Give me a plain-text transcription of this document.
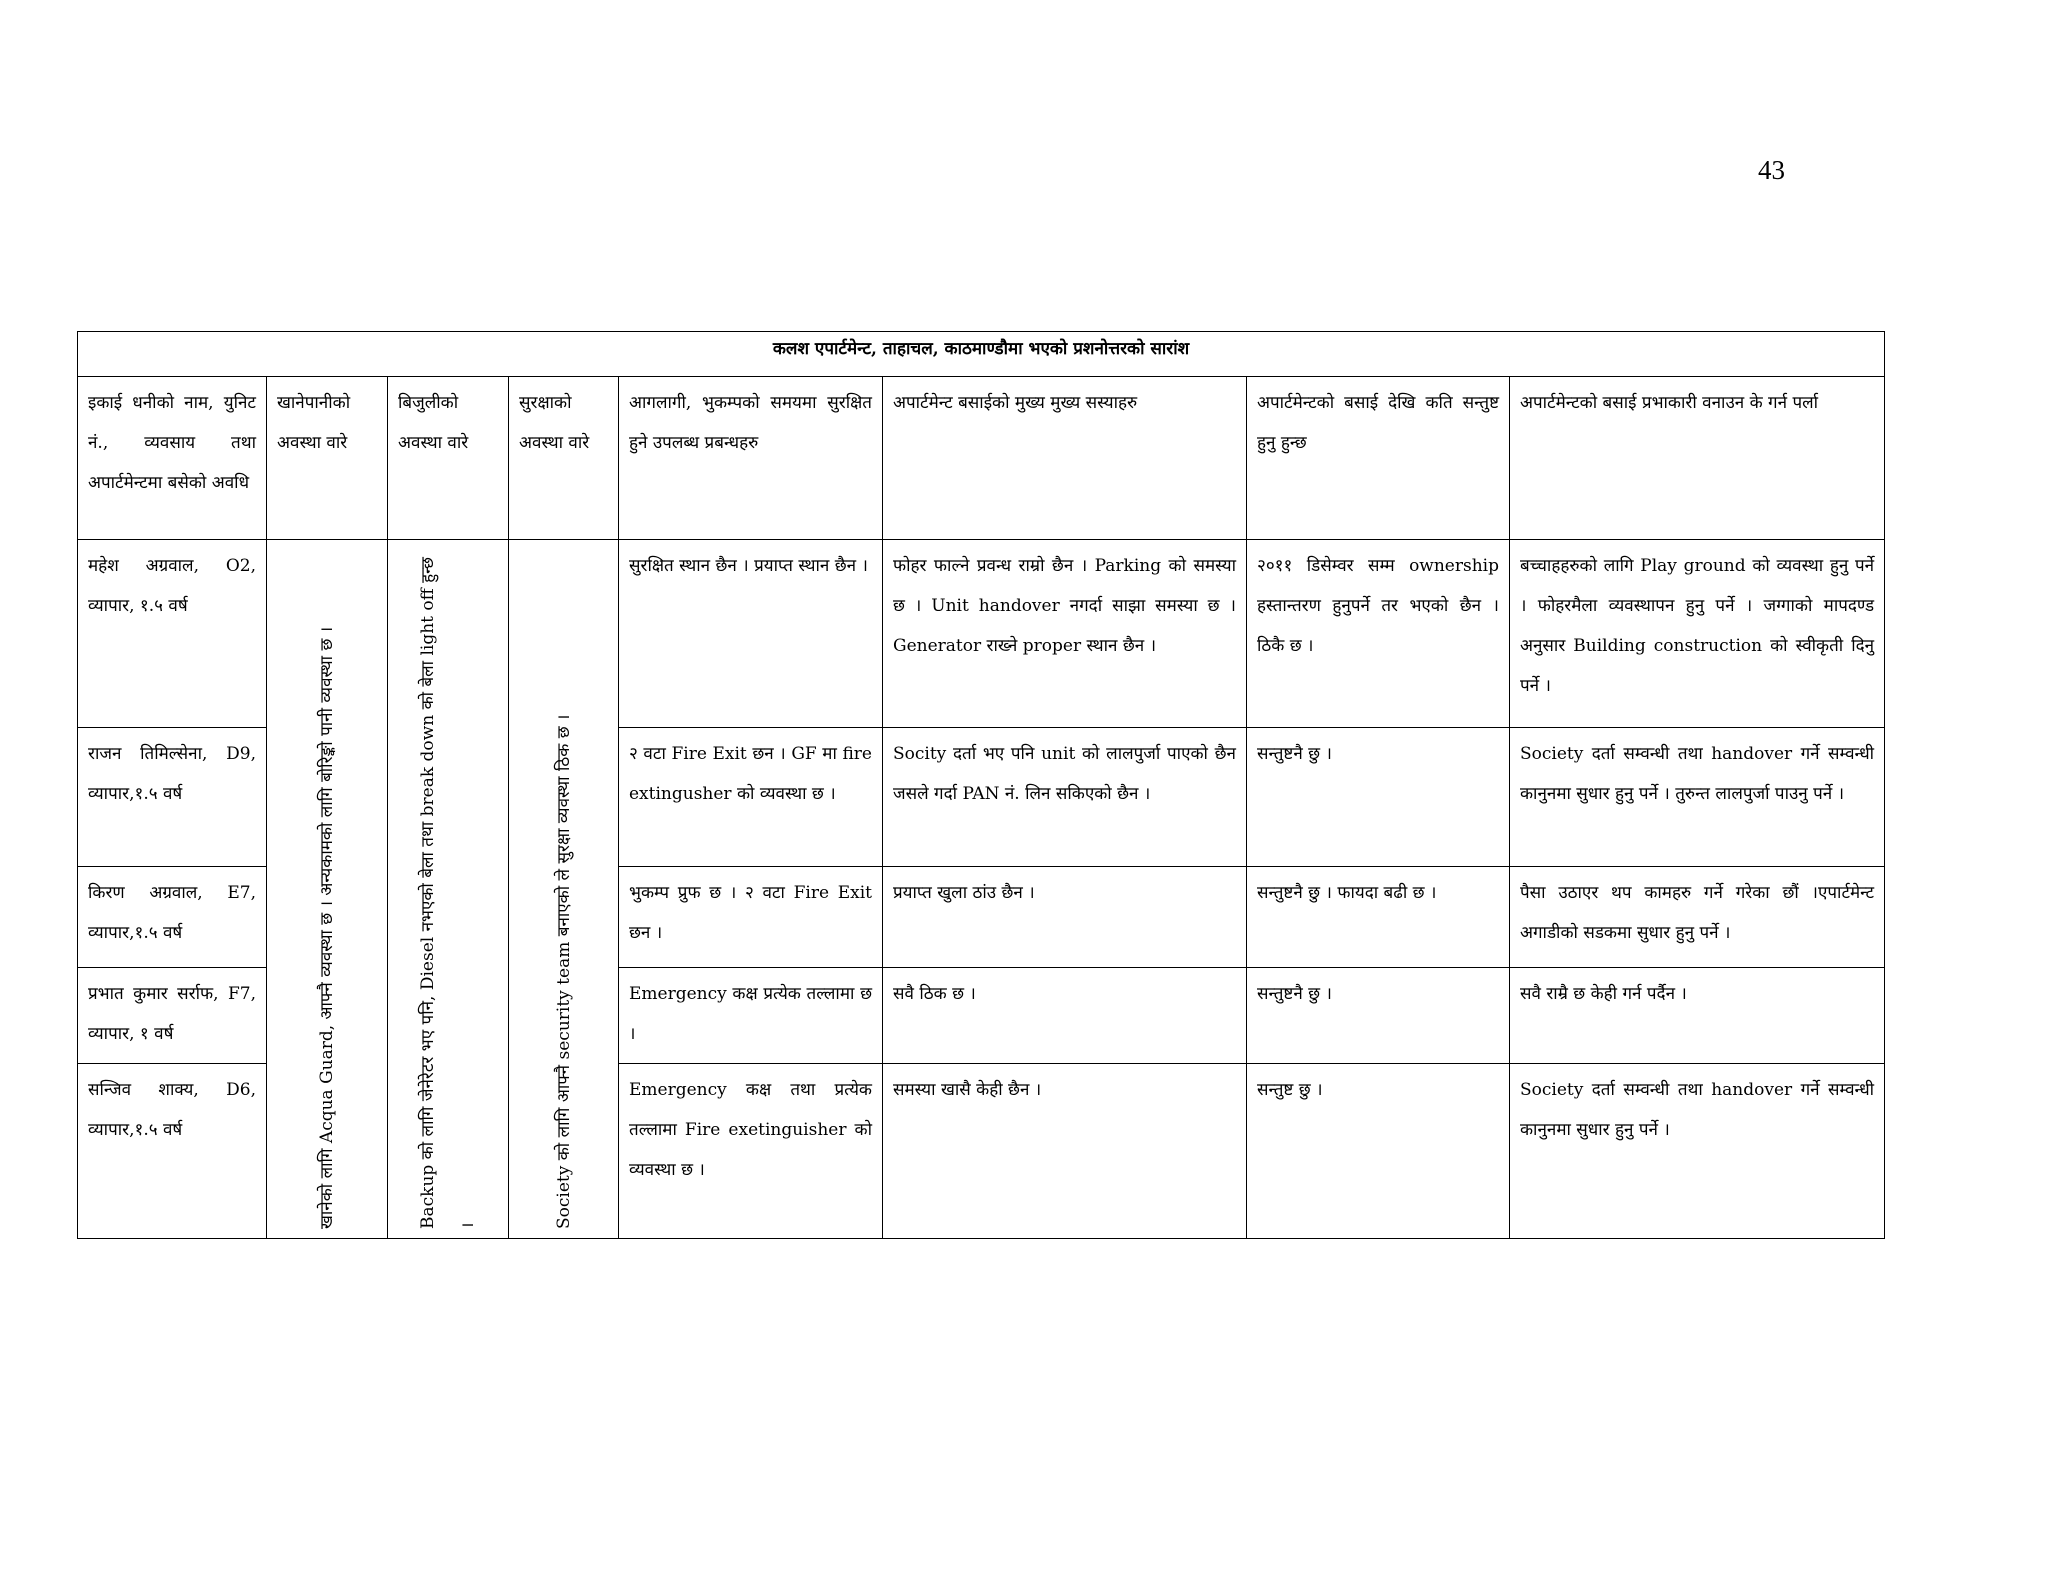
43
कलश एपार्टमेन्ट, ताहाचल, काठमाण्डौमा भएको प्रशनोत्तरको सारांश							
इकाई धनीको नाम, युनिट नं., व्यवसाय तथा अपार्टमेन्टमा बसेको अवधि	खानेपानीको अवस्था वारे	बिजुलीको अवस्था वारे	सुरक्षाको अवस्था वारे	आगलागी, भुकम्पको समयमा सुरक्षित हुने उपलब्ध प्रबन्धहरु	अपार्टमेन्ट बसाईको मुख्य मुख्य सस्याहरु	अपार्टमेन्टको बसाई देखि कति सन्तुष्ट हुनु हुन्छ	अपार्टमेन्टको बसाई प्रभाकारी वनाउन के गर्न पर्ला
महेश अग्रवाल, O2, व्यापार, १.५ वर्ष	खानेको लागि Acqua Guard, आफ्नै व्यवस्था छ । अन्यकामको लागि बोरिङ्को पानी व्यवस्था छ ।	Backup को लागि जेनेरेटर भए पनि, Diesel नभएको बेला तथा break down को बेला light off हुन्छ ।	Society को लागि आफ्नै security team बनाएको ले सुरक्षा व्यवस्था ठिक छ ।	सुरक्षित स्थान छैन । प्रयाप्त स्थान छैन ।	फोहर फाल्ने प्रवन्ध राम्रो छैन । Parking को समस्या छ । Unit handover नगर्दा साझा समस्या छ । Generator राख्ने proper स्थान छैन ।	२०११ डिसेम्वर सम्म ownership हस्तान्तरण हुनुपर्ने तर भएको छैन । ठिकै छ ।	बच्चाहहरुको लागि Play ground को व्यवस्था हुनु पर्ने । फोहरमैला व्यवस्थापन हुनु पर्ने । जग्गाको मापदण्ड अनुसार Building construction को स्वीकृती दिनु पर्ने ।
राजन तिमिल्सेना, D9, व्यापार,१.५ वर्ष				२ वटा Fire Exit छन । GF मा fire extingusher को व्यवस्था छ ।	Socity दर्ता भए पनि unit को लालपुर्जा पाएको छैन जसले गर्दा PAN नं. लिन सकिएको छैन ।	सन्तुष्टनै छु ।	Society दर्ता सम्वन्धी तथा handover गर्ने सम्वन्धी कानुनमा सुधार हुनु पर्ने । तुरुन्त लालपुर्जा पाउनु पर्ने ।
किरण अग्रवाल, E7, व्यापार,१.५ वर्ष				भुकम्प प्रुफ छ । २ वटा Fire Exit छन ।	प्रयाप्त खुला ठांउ छैन ।	सन्तुष्टनै छु । फायदा बढी छ ।	पैसा उठाएर थप कामहरु गर्ने गरेका छौं ।एपार्टमेन्ट अगाडीको सडकमा सुधार हुनु पर्ने ।
प्रभात कुमार सर्राफ, F7, व्यापार, १ वर्ष				Emergency कक्ष प्रत्येक तल्लामा छ ।	सवै ठिक छ ।	सन्तुष्टनै छु ।	सवै राम्रै छ केही गर्न पर्दैन ।
सन्जिव शाक्य, D6, व्यापार,१.५ वर्ष				Emergency कक्ष तथा प्रत्येक तल्लामा Fire exetinguisher को व्यवस्था छ ।	समस्या खासै केही छैन ।	सन्तुष्ट छु ।	Society दर्ता सम्वन्धी तथा handover गर्ने सम्वन्धी कानुनमा सुधार हुनु पर्ने ।
